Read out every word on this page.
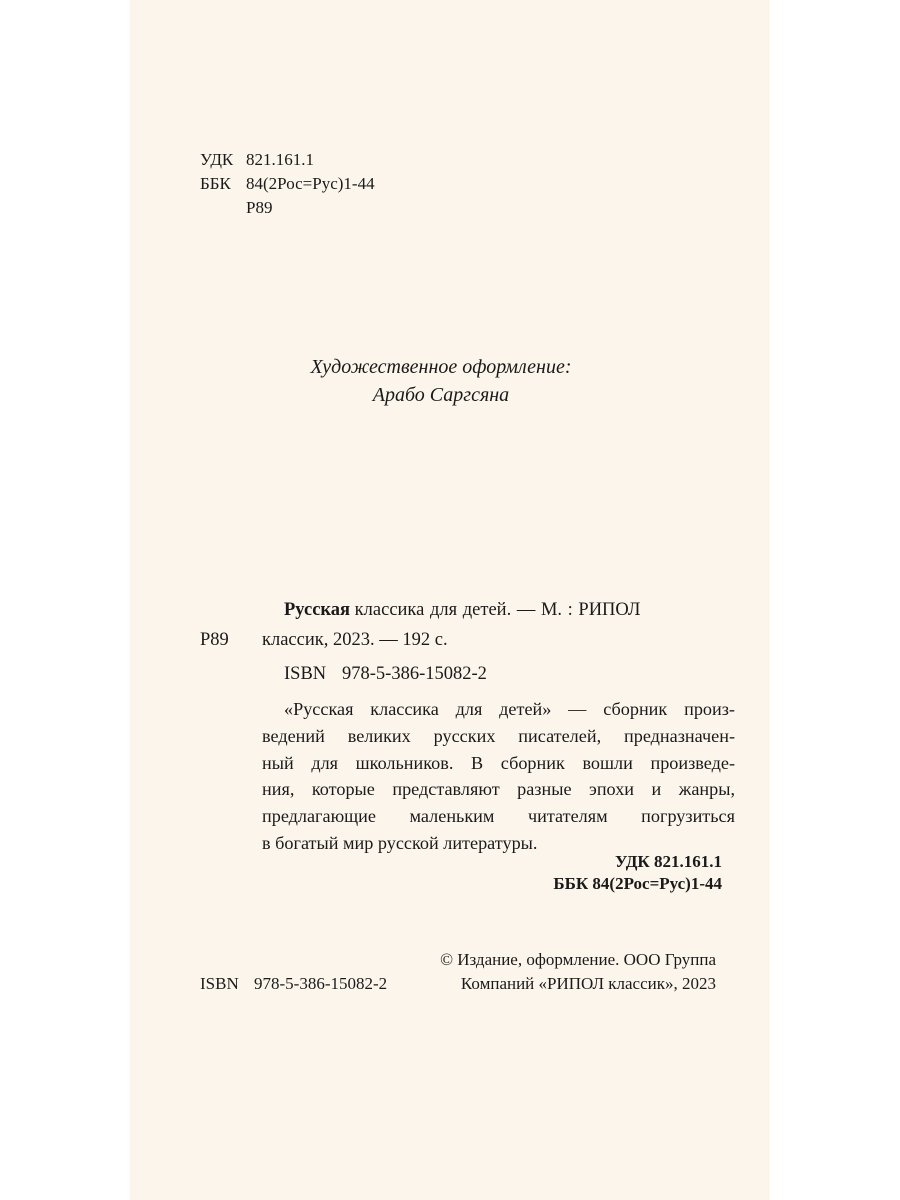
УДК 821.161.1
ББК 84(2Рос=Рус)1-44
Р89
Художественное оформление:
Арабо Саргсяна
Русская классика для детей. — М. : РИПОЛ
Р89 классик, 2023. — 192 с.
ISBN 978-5-386-15082-2
«Русская классика для детей» — сборник произ-
ведений великих русских писателей, предназначен-
ный для школьников. В сборник вошли произведе-
ния, которые представляют разные эпохи и жанры,
предлагающие маленьким читателям погрузиться
в богатый мир русской литературы.
УДК 821.161.1
ББК 84(2Рос=Рус)1-44
© Издание, оформление. ООО Группа
ISBN 978-5-386-15082-2	Компаний «РИПОЛ классик», 2023
